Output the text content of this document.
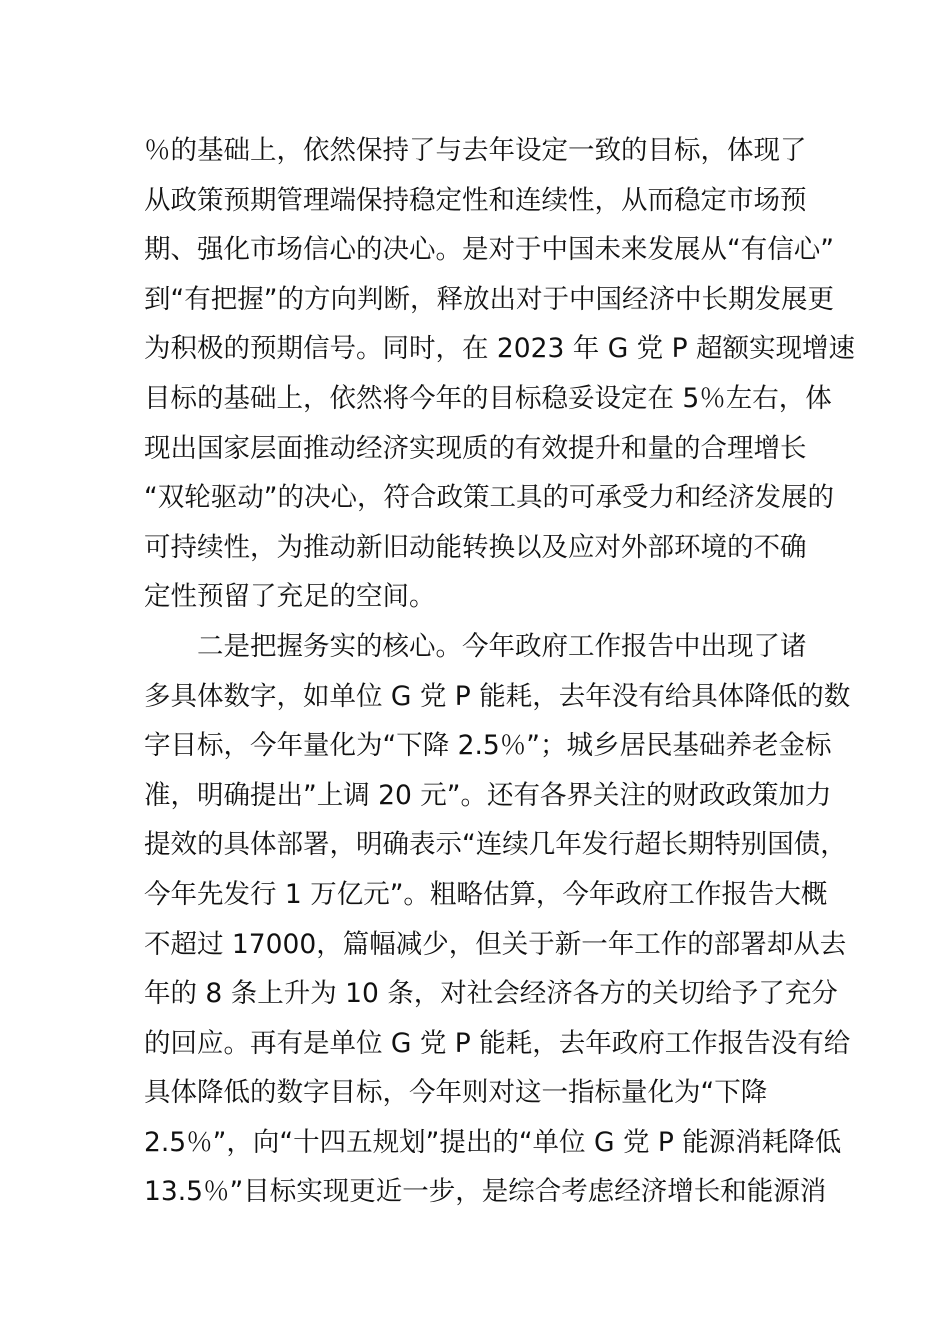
％的基础上，依然保持了与去年设定一致的目标，体现了
从政策预期管理端保持稳定性和连续性，从而稳定市场预
期、强化市场信心的决心。是对于中国未来发展从“有信心”
到“有把握”的方向判断，释放出对于中国经济中长期发展更
为积极的预期信号。同时，在 2023 年 G 党 P 超额实现增速
目标的基础上，依然将今年的目标稳妥设定在 5％左右，体
现出国家层面推动经济实现质的有效提升和量的合理增长
“双轮驱动”的决心，符合政策工具的可承受力和经济发展的
可持续性，为推动新旧动能转换以及应对外部环境的不确
定性预留了充足的空间。
二是把握务实的核心。今年政府工作报告中出现了诸
多具体数字，如单位 G 党 P 能耗，去年没有给具体降低的数
字目标，今年量化为“下降 2.5％”；城乡居民基础养老金标
准，明确提出”上调 20 元”。还有各界关注的财政政策加力
提效的具体部署，明确表示“连续几年发行超长期特别国债，
今年先发行 1 万亿元”。粗略估算，今年政府工作报告大概
不超过 17000，篇幅减少，但关于新一年工作的部署却从去
年的 8 条上升为 10 条，对社会经济各方的关切给予了充分
的回应。再有是单位 G 党 P 能耗，去年政府工作报告没有给
具体降低的数字目标，今年则对这一指标量化为“下降
2.5％”，向“十四五规划”提出的“单位 G 党 P 能源消耗降低
13.5％”目标实现更近一步，是综合考虑经济增长和能源消
